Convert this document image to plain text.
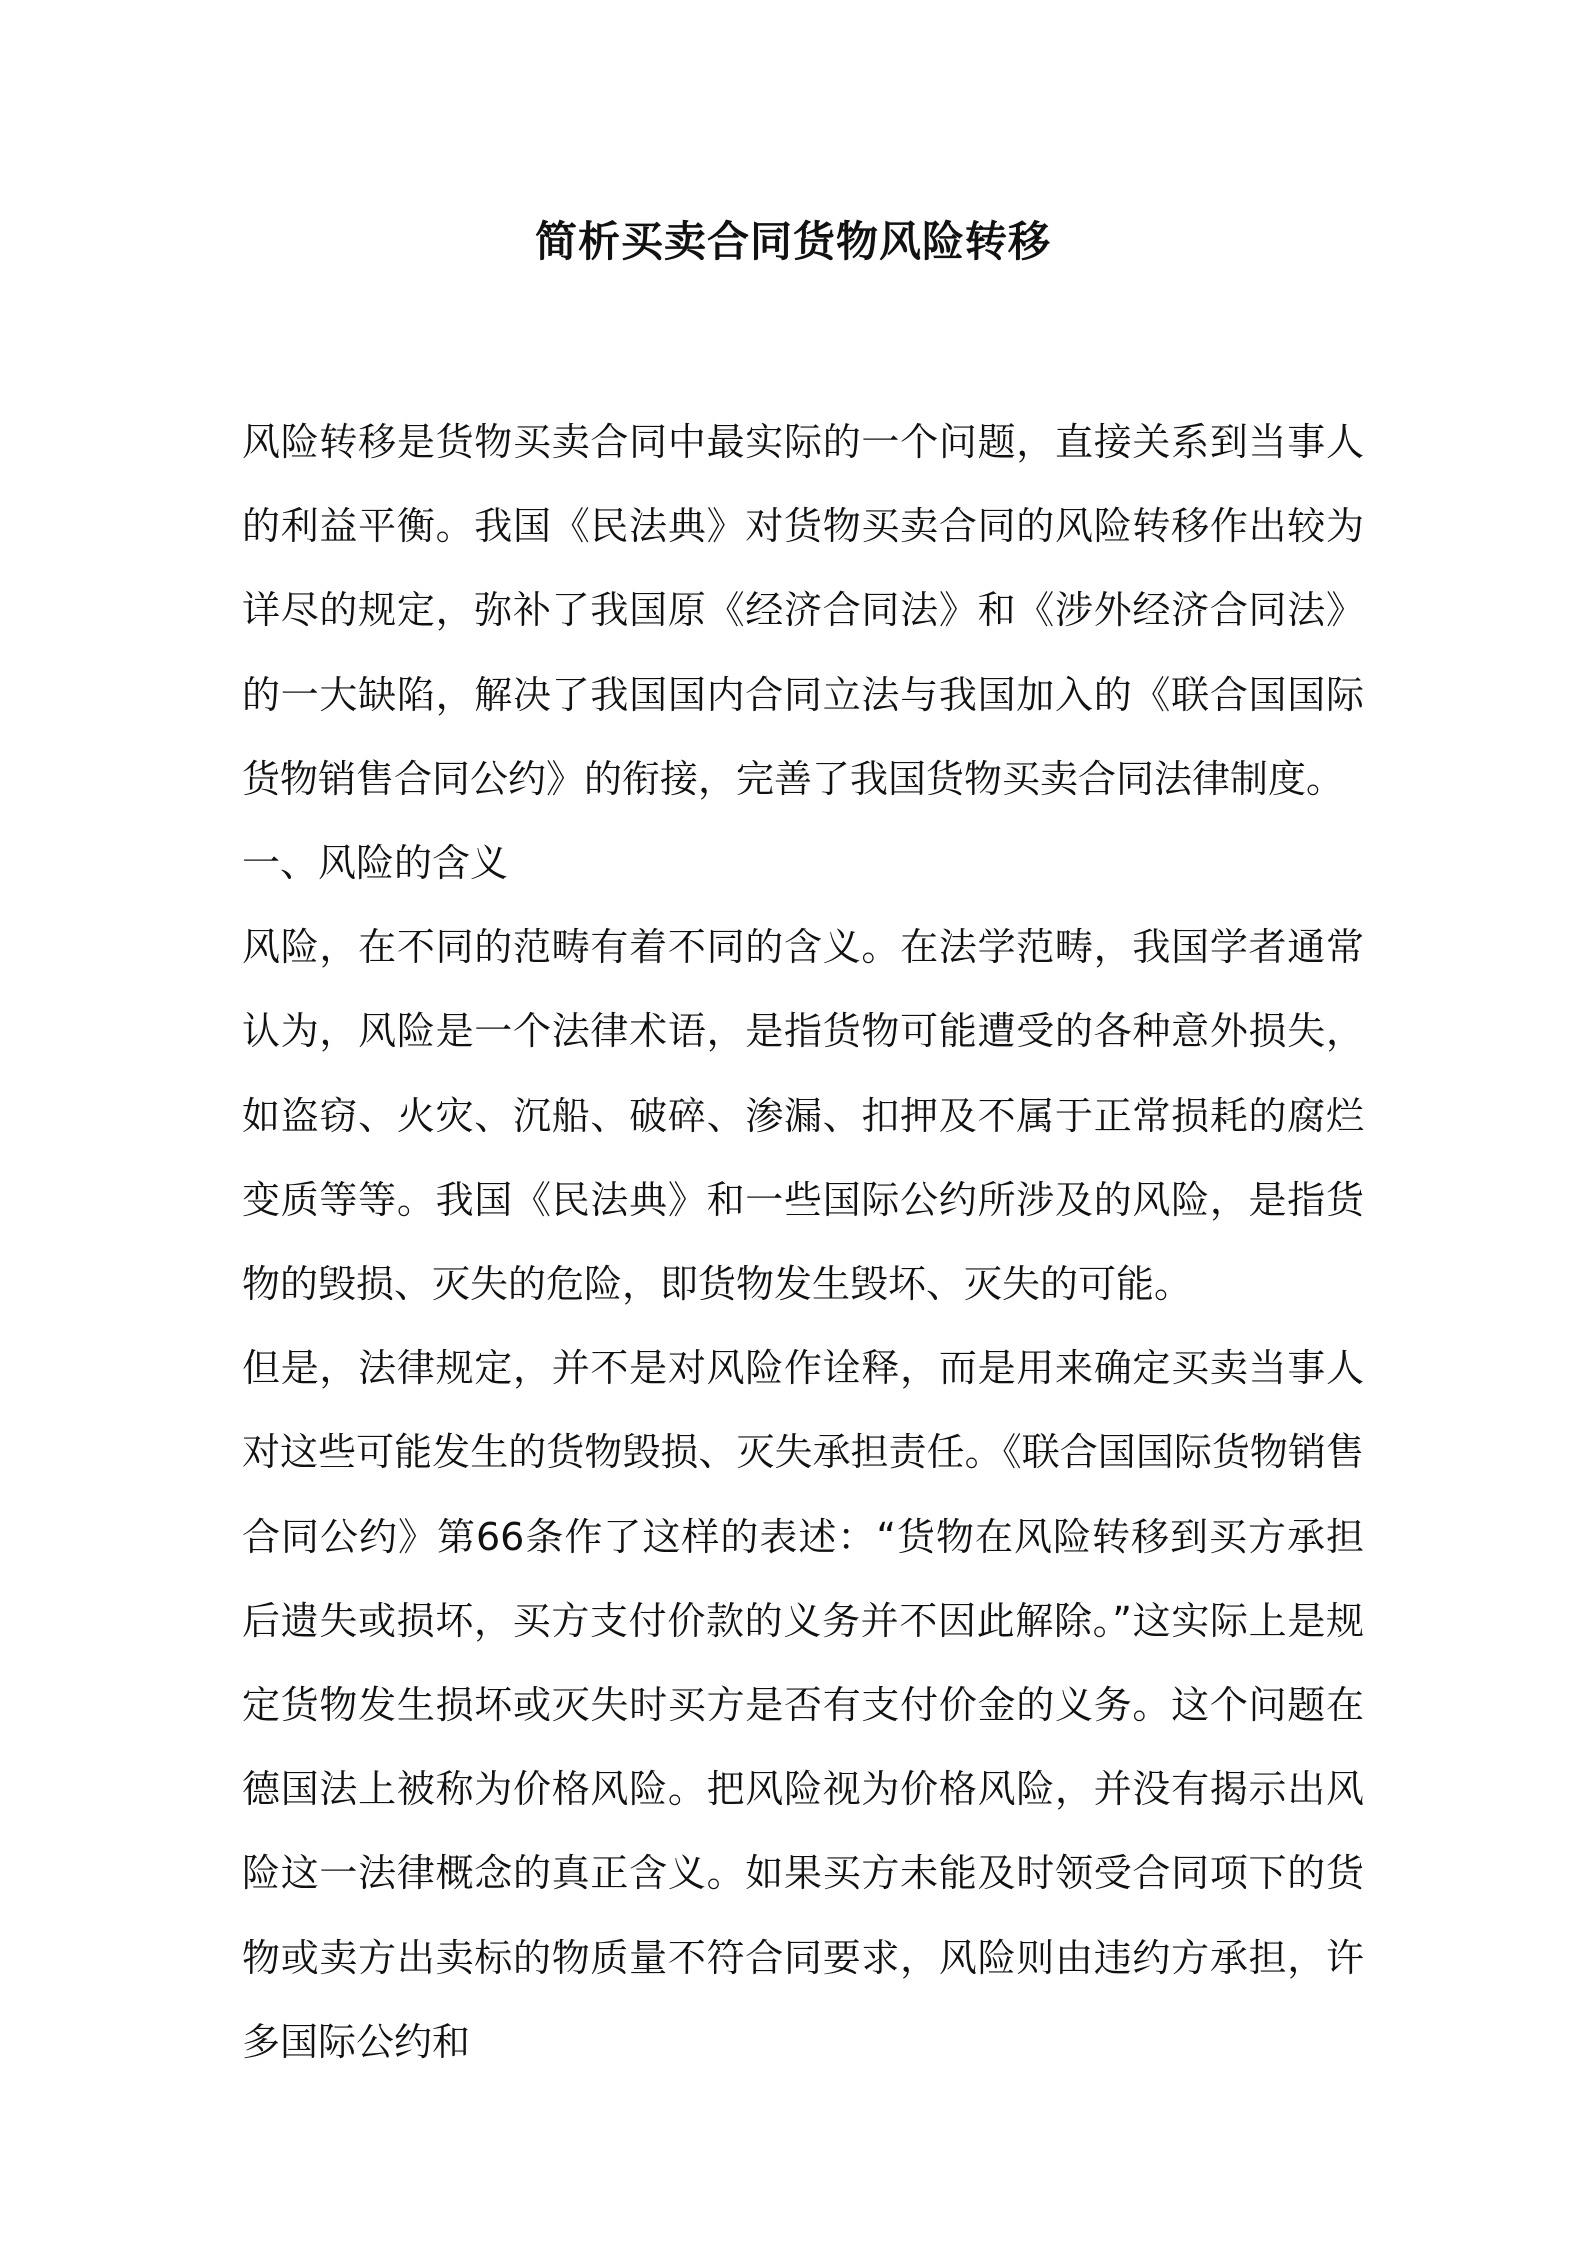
简析买卖合同货物风险转移

风险转移是货物买卖合同中最实际的一个问题，直接关系到当事人的利益平衡。我国《民法典》对货物买卖合同的风险转移作出较为详尽的规定，弥补了我国原《经济合同法》和《涉外经济合同法》的一大缺陷，解决了我国国内合同立法与我国加入的《联合国国际货物销售合同公约》的衔接，完善了我国货物买卖合同法律制度。

一、风险的含义

风险，在不同的范畴有着不同的含义。在法学范畴，我国学者通常认为，风险是一个法律术语，是指货物可能遭受的各种意外损失，如盗窃、火灾、沉船、破碎、渗漏、扣押及不属于正常损耗的腐烂变质等等。我国《民法典》和一些国际公约所涉及的风险，是指货物的毁损、灭失的危险，即货物发生毁坏、灭失的可能。

但是，法律规定，并不是对风险作诠释，而是用来确定买卖当事人对这些可能发生的货物毁损、灭失承担责任。《联合国国际货物销售合同公约》第66条作了这样的表述：“货物在风险转移到买方承担后遗失或损坏，买方支付价款的义务并不因此解除。”这实际上是规定货物发生损坏或灭失时买方是否有支付价金的义务。这个问题在德国法上被称为价格风险。把风险视为价格风险，并没有揭示出风险这一法律概念的真正含义。如果买方未能及时领受合同项下的货物或卖方出卖标的物质量不符合同要求，风险则由违约方承担，许多国际公约和
